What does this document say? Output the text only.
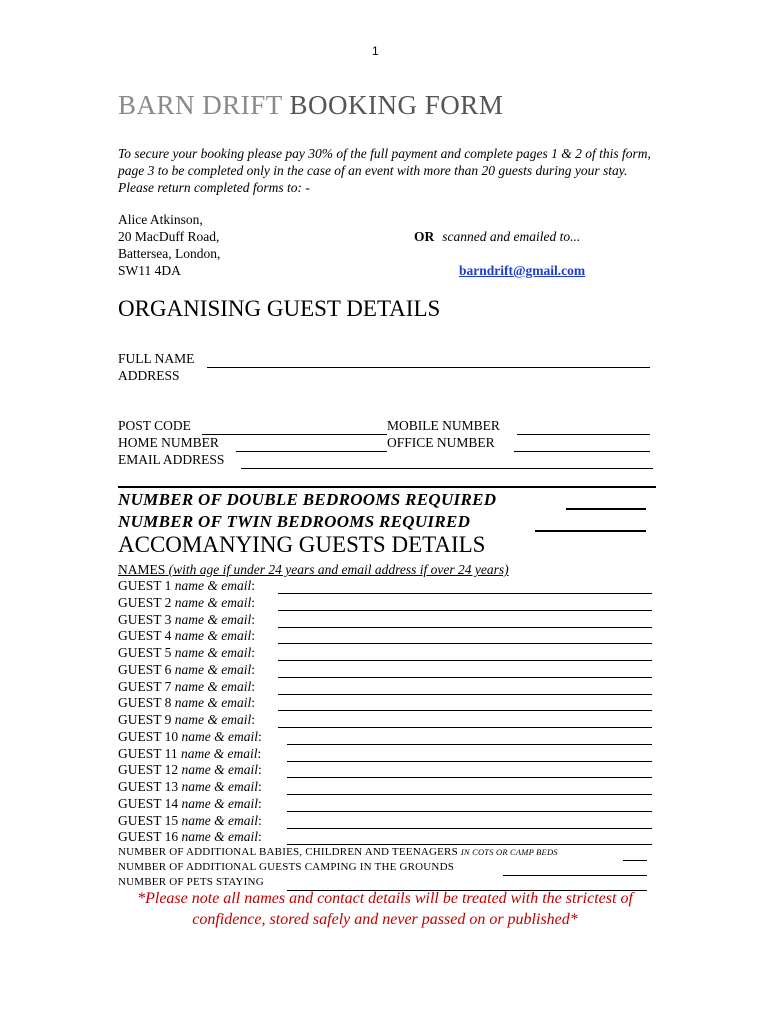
1
BARN DRIFT BOOKING FORM
To secure your booking please pay 30% of the full payment and complete pages 1 & 2 of this form, page 3 to be completed only in the case of an event with more than 20 guests during your stay. Please return completed forms to: -
Alice Atkinson,
20 MacDuff Road,
Battersea, London,
SW11 4DA
OR scanned and emailed to...
barndrift@gmail.com
ORGANISING GUEST DETAILS
FULL NAME
ADDRESS
POST CODE	MOBILE NUMBER
HOME NUMBER	OFFICE NUMBER
EMAIL ADDRESS
NUMBER OF DOUBLE BEDROOMS REQUIRED
NUMBER OF TWIN BEDROOMS REQUIRED
ACCOMANYING GUESTS DETAILS
NAMES (with age if under 24 years and email address if over 24 years)
GUEST 1 name & email:
GUEST 2 name & email:
GUEST 3 name & email:
GUEST 4 name & email:
GUEST 5 name & email:
GUEST 6 name & email:
GUEST 7 name & email:
GUEST 8 name & email:
GUEST 9 name & email:
GUEST 10 name & email:
GUEST 11 name & email:
GUEST 12 name & email:
GUEST 13 name & email:
GUEST 14 name & email:
GUEST 15 name & email:
GUEST 16 name & email:
NUMBER OF ADDITIONAL BABIES, CHILDREN AND TEENAGERS IN COTS OR CAMP BEDS
NUMBER OF ADDITIONAL GUESTS CAMPING IN THE GROUNDS
NUMBER OF PETS STAYING
*Please note all names and contact details will be treated with the strictest of confidence, stored safely and never passed on or published*
